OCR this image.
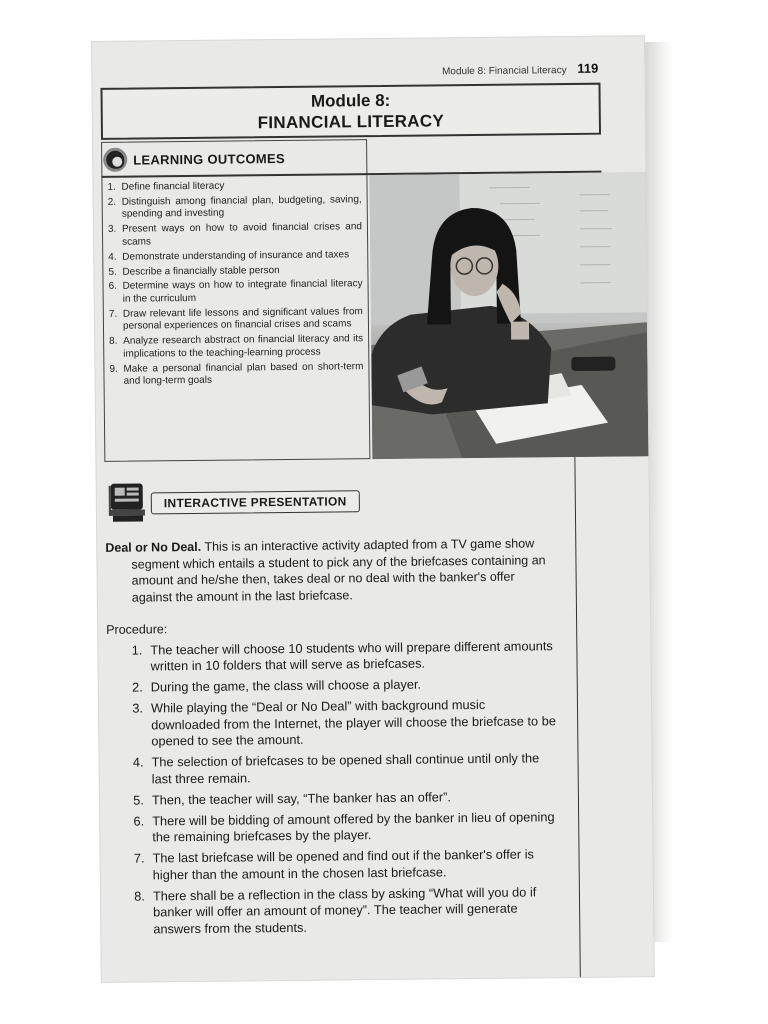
Module 8: Financial Literacy 119
Module 8:
FINANCIAL LITERACY
LEARNING OUTCOMES
1. Define financial literacy
2. Distinguish among financial plan, budgeting, saving, spending and investing
3. Present ways on how to avoid financial crises and scams
4. Demonstrate understanding of insurance and taxes
5. Describe a financially stable person
6. Determine ways on how to integrate financial literacy in the curriculum
7. Draw relevant life lessons and significant values from personal experiences on financial crises and scams
8. Analyze research abstract on financial literacy and its implications to the teaching-learning process
9. Make a personal financial plan based on short-term and long-term goals
INTERACTIVE PRESENTATION

Deal or No Deal. This is an interactive activity adapted from a TV game show segment which entails a student to pick any of the briefcases containing an amount and he/she then, takes deal or no deal with the banker's offer against the amount in the last briefcase.

Procedure:

1. The teacher will choose 10 students who will prepare different amounts written in 10 folders that will serve as briefcases.
2. During the game, the class will choose a player.
3. While playing the “Deal or No Deal” with background music downloaded from the Internet, the player will choose the briefcase to be opened to see the amount.
4. The selection of briefcases to be opened shall continue until only the last three remain.
5. Then, the teacher will say, “The banker has an offer”.
6. There will be bidding of amount offered by the banker in lieu of opening the remaining briefcases by the player.
7. The last briefcase will be opened and find out if the banker's offer is higher than the amount in the chosen last briefcase.
8. There shall be a reflection in the class by asking “What will you do if banker will offer an amount of money”. The teacher will generate answers from the students.
